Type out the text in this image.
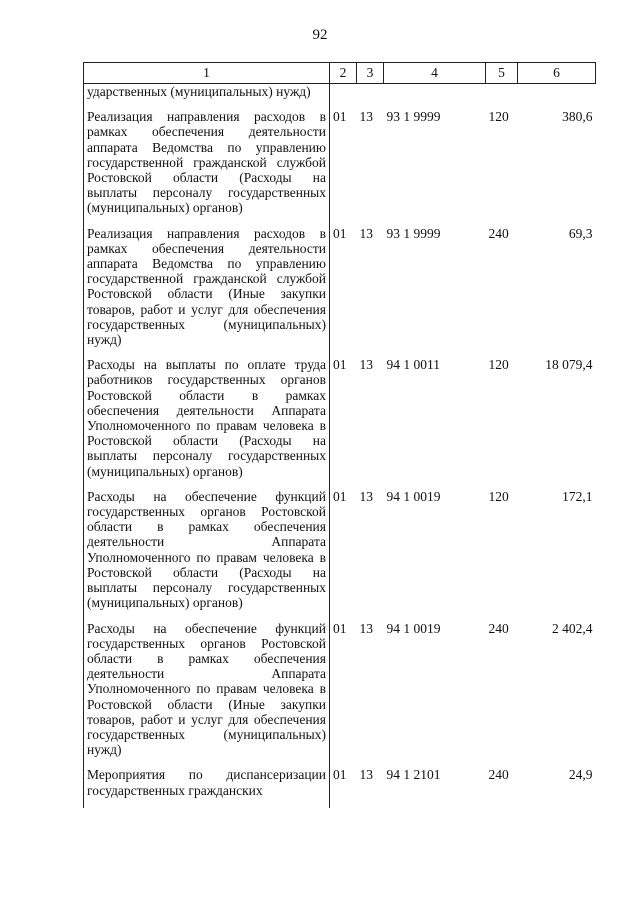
92
1	2	3	4	5	6
ударственных (муниципальных) нужд)					
Реализация направления расходов в рамках обеспечения деятельности аппарата Ведомства по управлению государственной гражданской службой Ростовской области (Расходы на выплаты персоналу государственных (муниципальных) органов)	01	13	93 1 9999	120	380,6
Реализация направления расходов в рамках обеспечения деятельности аппарата Ведомства по управлению государственной гражданской службой Ростовской области (Иные закупки товаров, работ и услуг для обеспечения государственных (муниципальных) нужд)	01	13	93 1 9999	240	69,3
Расходы на выплаты по оплате труда работников государственных органов Ростовской области в рамках обеспечения деятельности Аппарата Уполномоченного по правам человека в Ростовской области (Расходы на выплаты персоналу государственных (муниципальных) органов)	01	13	94 1 0011	120	18 079,4
Расходы на обеспечение функций государственных органов Ростовской области в рамках обеспечения деятельности Аппарата Уполномоченного по правам человека в Ростовской области (Расходы на выплаты персоналу государственных (муниципальных) органов)	01	13	94 1 0019	120	172,1
Расходы на обеспечение функций государственных органов Ростовской области в рамках обеспечения деятельности Аппарата Уполномоченного по правам человека в Ростовской области (Иные закупки товаров, работ и услуг для обеспечения государственных (муниципальных) нужд)	01	13	94 1 0019	240	2 402,4
Мероприятия по диспансеризации государственных гражданских	01	13	94 1 2101	240	24,9
